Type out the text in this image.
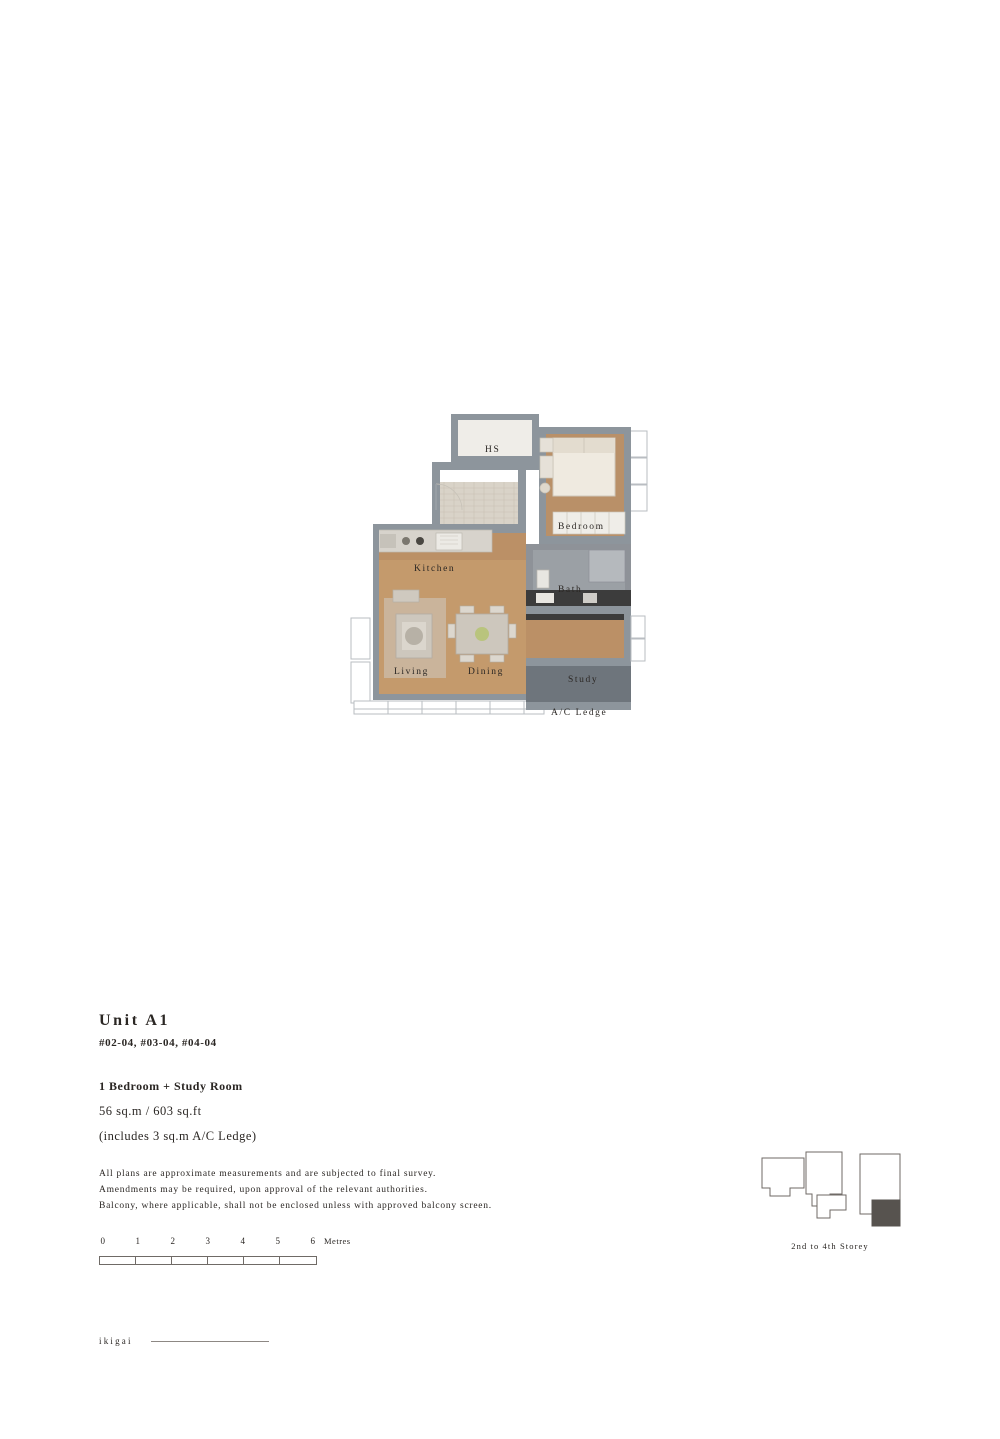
HS
Bedroom
Kitchen
Bath
Living	Dining
Study
A/C Ledge
Unit A1
#02-04, #03-04, #04-04
1 Bedroom + Study Room
56 sq.m / 603 sq.ft
(includes 3 sq.m A/C Ledge)
All plans are approximate measurements and are subjected to final survey.
Amendments may be required, upon approval of the relevant authorities.
Balcony, where applicable, shall not be enclosed unless with approved balcony screen.
0	1	2	3	4	5	6 Metres	2nd to 4th Storey
ikigai
